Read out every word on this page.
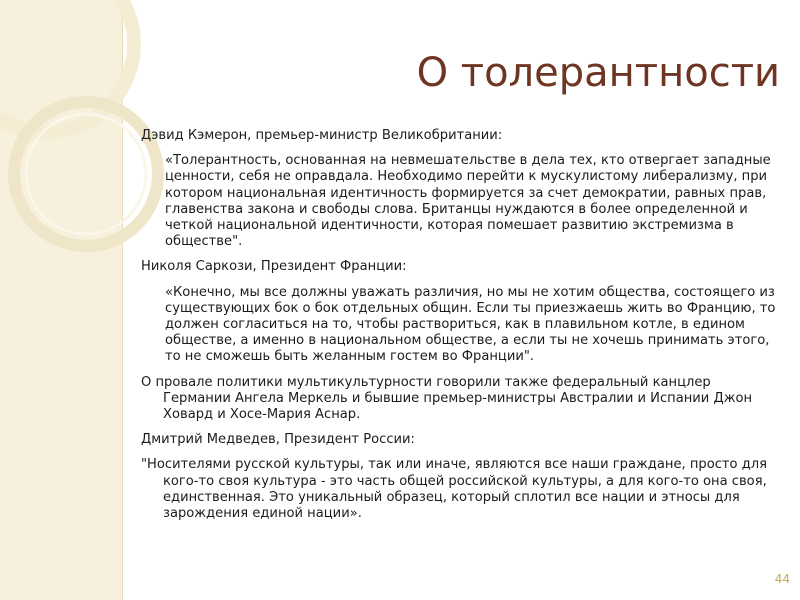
О толерантности

Дэвид Кэмерон, премьер-министр Великобритании:

«Толерантность, основанная на невмешательстве в дела тех, кто отвергает западные ценности, себя не оправдала. Необходимо перейти к мускулистому либерализму, при котором национальная идентичность формируется за счет демократии, равных прав, главенства закона и свободы слова. Британцы нуждаются в более определенной и четкой национальной идентичности, которая помешает развитию экстремизма в обществе".

Николя Саркози, Президент Франции:

«Конечно, мы все должны уважать различия, но мы не хотим общества, состоящего из существующих бок о бок отдельных общин. Если ты приезжаешь жить во Францию, то должен согласиться на то, чтобы раствориться, как в плавильном котле, в едином обществе, а именно в национальном обществе, а если ты не хочешь принимать этого, то не сможешь быть желанным гостем во Франции".

О провале политики мультикультурности говорили также федеральный канцлер Германии Ангела Меркель и бывшие премьер-министры Австралии и Испании Джон Ховард и Хосе-Мария Аснар.

Дмитрий Медведев, Президент России:

"Носителями русской культуры, так или иначе, являются все наши граждане, просто для кого-то своя культура - это часть общей российской культуры, а для кого-то она своя, единственная. Это уникальный образец, который сплотил все нации и этносы для зарождения единой нации».

44
